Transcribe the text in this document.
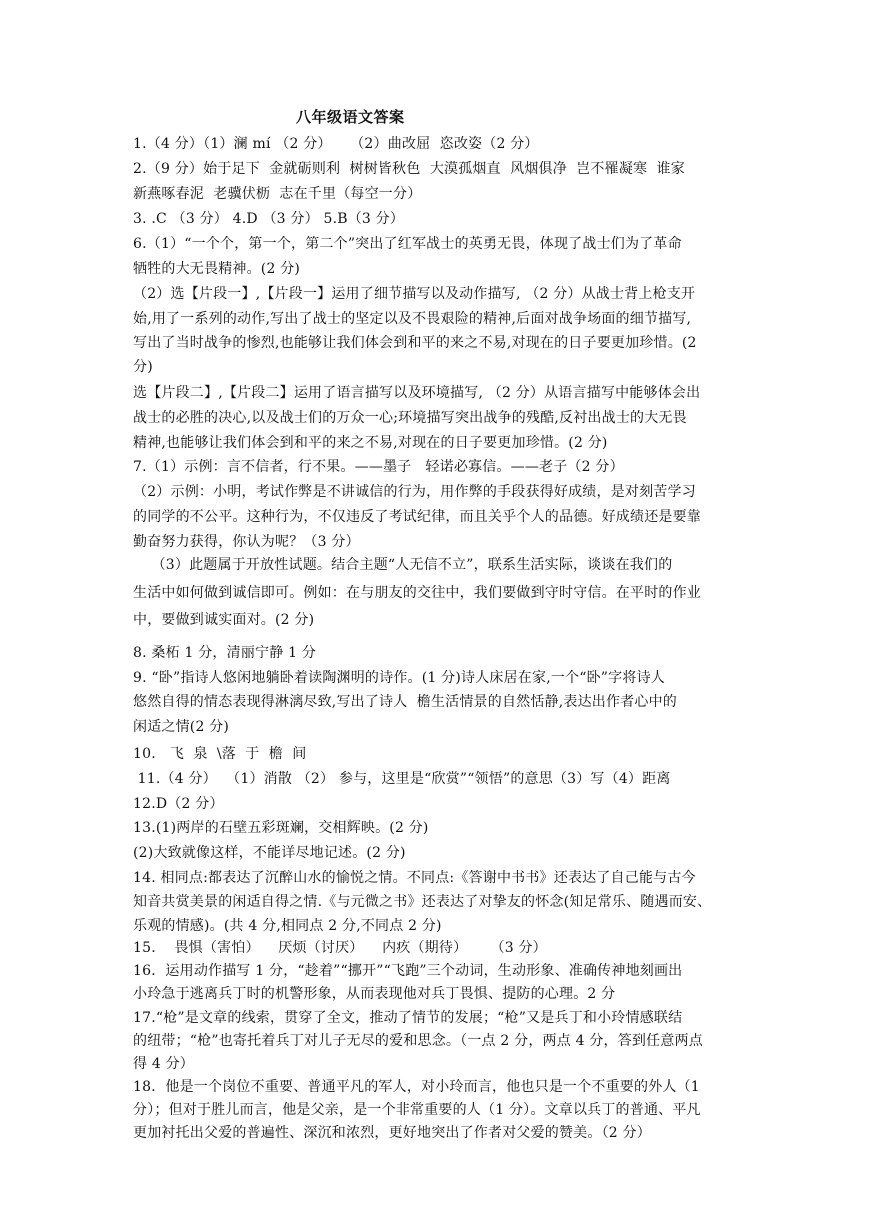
八年级语文答案
1.（4 分）（1）澜 mí （2 分）    （2）曲改屈  恣改姿（2 分）
2.（9 分）始于足下  金就砺则利  树树皆秋色  大漠孤烟直  风烟俱净  岂不罹凝寒  谁家
新燕啄春泥  老骥伏枥  志在千里（每空一分）
3. .C （3 分） 4.D （3 分） 5.B（3 分）
6.（1）“一个个，第一个，第二个”突出了红军战士的英勇无畏，体现了战士们为了革命
牺牲的大无畏精神。(2 分)
（2）选【片段一】,【片段一】运用了细节描写以及动作描写, （2 分）从战士背上枪支开
始,用了一系列的动作,写出了战士的坚定以及不畏艰险的精神,后面对战争场面的细节描写,
写出了当时战争的惨烈,也能够让我们体会到和平的来之不易,对现在的日子要更加珍惜。(2
分)
选【片段二】,【片段二】运用了语言描写以及环境描写, （2 分）从语言描写中能够体会出
战士的必胜的决心,以及战士们的万众一心;环境描写突出战争的残酷,反衬出战士的大无畏
精神,也能够让我们体会到和平的来之不易,对现在的日子要更加珍惜。(2 分)
7.（1）示例：言不信者，行不果。——墨子   轻诺必寡信。——老子（2 分）
（2）示例：小明，考试作弊是不讲诚信的行为，用作弊的手段获得好成绩，是对刻苦学习
的同学的不公平。这种行为，不仅违反了考试纪律，而且关乎个人的品德。好成绩还是要靠
勤奋努力获得，你认为呢？（3 分）
（3）此题属于开放性试题。结合主题“人无信不立”，联系生活实际，谈谈在我们的
生活中如何做到诚信即可。例如：在与朋友的交往中，我们要做到守时守信。在平时的作业
中，要做到诚实面对。(2 分)
8. 桑柘 1 分，清丽宁静 1 分
9. “卧”指诗人悠闲地躺卧着读陶渊明的诗作。(1 分)诗人床居在家,一个“卧”字将诗人
悠然自得的情态表现得淋漓尽致,写出了诗人  檐生活情景的自然恬静,表达出作者心中的
闲适之情(2 分)
10.   飞  泉  \落  于  檐  间
11.（4 分）  （1）消散 （2） 参与，这里是“欣赏”“领悟”的意思（3）写（4）距离
12.D（2 分）
13.(1)两岸的石壁五彩斑斓，交相辉映。(2 分)
(2)大致就像这样，不能详尽地记述。(2 分)
14. 相同点:都表达了沉醉山水的愉悦之情。不同点:《答谢中书书》还表达了自己能与古今
知音共赏美景的闲适自得之情.《与元微之书》还表达了对挚友的怀念(知足常乐、随遇而安、
乐观的情感)。(共 4 分,相同点 2 分,不同点 2 分)
15.    畏惧（害怕）    厌烦（讨厌）    内疚（期待）     （3 分）
16．运用动作描写 1 分，“趁着”“挪开”“飞跑”三个动词，生动形象、准确传神地刻画出
小玲急于逃离兵丁时的机警形象，从而表现他对兵丁畏惧、提防的心理。2 分
17.“枪”是文章的线索，贯穿了全文，推动了情节的发展；“枪”又是兵丁和小玲情感联结
的纽带；“枪”也寄托着兵丁对儿子无尽的爱和思念。（一点 2 分，两点 4 分，答到任意两点
得 4 分）
18．他是一个岗位不重要、普通平凡的军人，对小玲而言，他也只是一个不重要的外人（1
分）；但对于胜儿而言，他是父亲，是一个非常重要的人（1 分）。文章以兵丁的普通、平凡
更加衬托出父爱的普遍性、深沉和浓烈，更好地突出了作者对父爱的赞美。（2 分）
